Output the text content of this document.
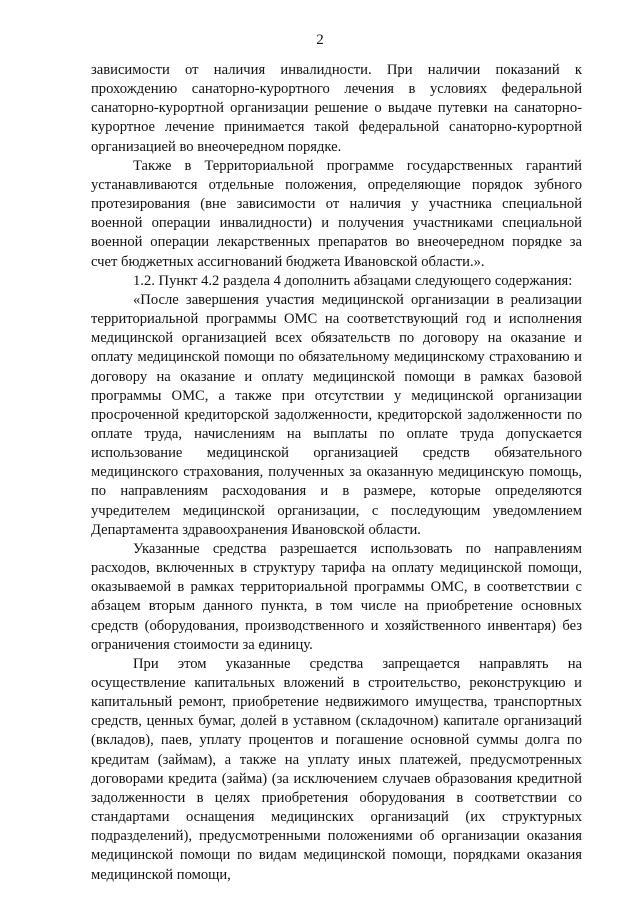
2

зависимости от наличия инвалидности. При наличии показаний к прохождению санаторно-курортного лечения в условиях федеральной санаторно-курортной организации решение о выдаче путевки на санаторно-курортное лечение принимается такой федеральной санаторно-курортной организацией во внеочередном порядке.

Также в Территориальной программе государственных гарантий устанавливаются отдельные положения, определяющие порядок зубного протезирования (вне зависимости от наличия у участника специальной военной операции инвалидности) и получения участниками специальной военной операции лекарственных препаратов во внеочередном порядке за счет бюджетных ассигнований бюджета Ивановской области.».

1.2. Пункт 4.2 раздела 4 дополнить абзацами следующего содержания:

«После завершения участия медицинской организации в реализации территориальной программы ОМС на соответствующий год и исполнения медицинской организацией всех обязательств по договору на оказание и оплату медицинской помощи по обязательному медицинскому страхованию и договору на оказание и оплату медицинской помощи в рамках базовой программы ОМС, а также при отсутствии у медицинской организации просроченной кредиторской задолженности, кредиторской задолженности по оплате труда, начислениям на выплаты по оплате труда допускается использование медицинской организацией средств обязательного медицинского страхования, полученных за оказанную медицинскую помощь, по направлениям расходования и в размере, которые определяются учредителем медицинской организации, с последующим уведомлением Департамента здравоохранения Ивановской области.

Указанные средства разрешается использовать по направлениям расходов, включенных в структуру тарифа на оплату медицинской помощи, оказываемой в рамках территориальной программы ОМС, в соответствии с абзацем вторым данного пункта, в том числе на приобретение основных средств (оборудования, производственного и хозяйственного инвентаря) без ограничения стоимости за единицу.

При этом указанные средства запрещается направлять на осуществление капитальных вложений в строительство, реконструкцию и капитальный ремонт, приобретение недвижимого имущества, транспортных средств, ценных бумаг, долей в уставном (складочном) капитале организаций (вкладов), паев, уплату процентов и погашение основной суммы долга по кредитам (займам), а также на уплату иных платежей, предусмотренных договорами кредита (займа) (за исключением случаев образования кредитной задолженности в целях приобретения оборудования в соответствии со стандартами оснащения медицинских организаций (их структурных подразделений), предусмотренными положениями об организации оказания медицинской помощи по видам медицинской помощи, порядками оказания медицинской помощи,
